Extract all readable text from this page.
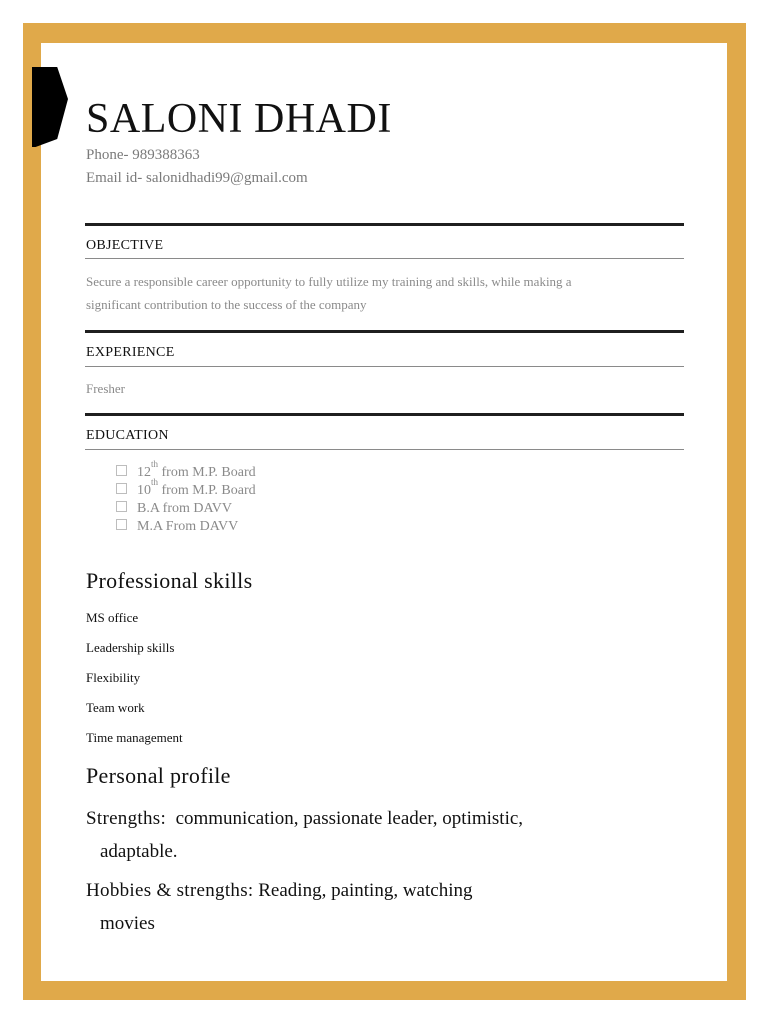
SALONI DHADI
Phone- 989388363
Email id- salonidhadi99@gmail.com
OBJECTIVE
Secure a responsible career opportunity to fully utilize my training and skills, while making a
significant contribution to the success of the company
EXPERIENCE
Fresher
EDUCATION
12th from M.P. Board
10th from M.P. Board
B.A from DAVV
M.A From DAVV
Professional skills
MS office
Leadership skills
Flexibility
Team work
Time management
Personal profile
Strengths: communication, passionate leader, optimistic,
adaptable.
Hobbies & strengths: Reading, painting, watching
movies
